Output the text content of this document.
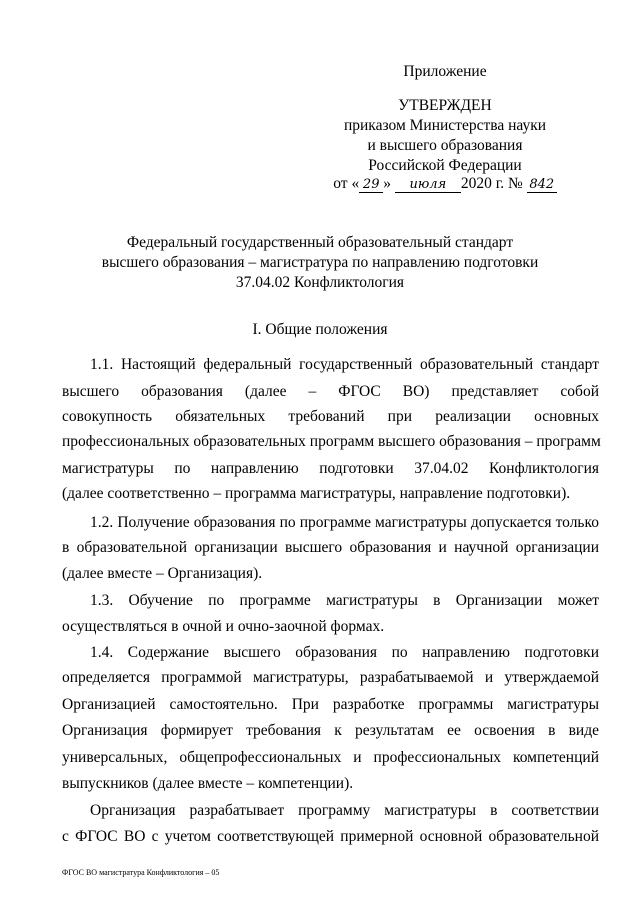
Приложение
УТВЕРЖДЕН
приказом Министерства науки
и высшего образования
Российской Федерации
от « 29 » июля 2020 г. № 842
Федеральный государственный образовательный стандарт
высшего образования – магистратура по направлению подготовки
37.04.02 Конфликтология
I. Общие положения
1.1. Настоящий федеральный государственный образовательный стандарт
высшего образования (далее – ФГОС ВО) представляет собой
совокупность обязательных требований при реализации основных
профессиональных образовательных программ высшего образования – программ
магистратуры по направлению подготовки 37.04.02 Конфликтология
(далее соответственно – программа магистратуры, направление подготовки).
1.2. Получение образования по программе магистратуры допускается только
в образовательной организации высшего образования и научной организации
(далее вместе – Организация).
1.3. Обучение по программе магистратуры в Организации может
осуществляться в очной и очно-заочной формах.
1.4. Содержание высшего образования по направлению подготовки
определяется программой магистратуры, разрабатываемой и утверждаемой
Организацией самостоятельно. При разработке программы магистратуры
Организация формирует требования к результатам ее освоения в виде
универсальных, общепрофессиональных и профессиональных компетенций
выпускников (далее вместе – компетенции).
Организация разрабатывает программу магистратуры в соответствии
с ФГОС ВО с учетом соответствующей примерной основной образовательной
ФГОС ВО магистратура Конфликтология – 05
